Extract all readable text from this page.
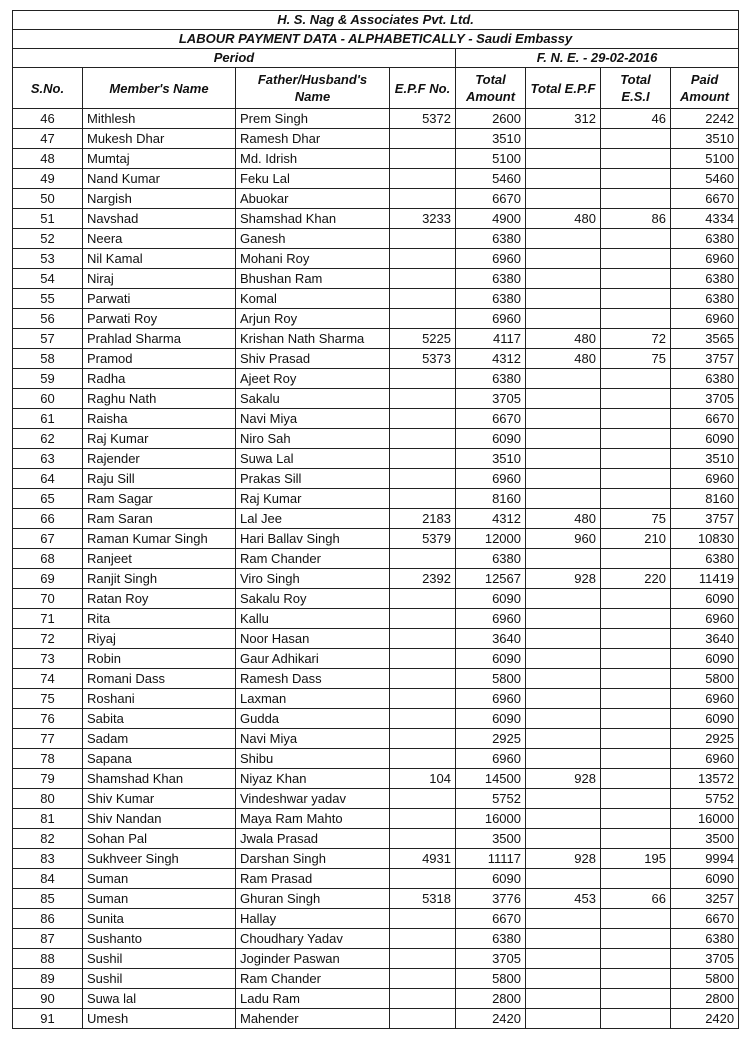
H. S. Nag & Associates Pvt. Ltd.							
LABOUR PAYMENT DATA - ALPHABETICALLY - Saudi Embassy							
Period				F. N. E. - 29-02-2016			
S.No.	Member's Name	Father/Husband's Name	E.P.F No.	Total Amount	Total E.P.F	Total E.S.I	Paid Amount
46	Mithlesh	Prem Singh	5372	2600	312	46	2242
47	Mukesh Dhar	Ramesh Dhar		3510			3510
48	Mumtaj	Md. Idrish		5100			5100
49	Nand Kumar	Feku Lal		5460			5460
50	Nargish	Abuokar		6670			6670
51	Navshad	Shamshad Khan	3233	4900	480	86	4334
52	Neera	Ganesh		6380			6380
53	Nil Kamal	Mohani Roy		6960			6960
54	Niraj	Bhushan Ram		6380			6380
55	Parwati	Komal		6380			6380
56	Parwati Roy	Arjun Roy		6960			6960
57	Prahlad Sharma	Krishan Nath Sharma	5225	4117	480	72	3565
58	Pramod	Shiv Prasad	5373	4312	480	75	3757
59	Radha	Ajeet Roy		6380			6380
60	Raghu Nath	Sakalu		3705			3705
61	Raisha	Navi Miya		6670			6670
62	Raj Kumar	Niro Sah		6090			6090
63	Rajender	Suwa Lal		3510			3510
64	Raju Sill	Prakas Sill		6960			6960
65	Ram Sagar	Raj Kumar		8160			8160
66	Ram Saran	Lal Jee	2183	4312	480	75	3757
67	Raman Kumar Singh	Hari Ballav Singh	5379	12000	960	210	10830
68	Ranjeet	Ram Chander		6380			6380
69	Ranjit Singh	Viro Singh	2392	12567	928	220	11419
70	Ratan Roy	Sakalu Roy		6090			6090
71	Rita	Kallu		6960			6960
72	Riyaj	Noor Hasan		3640			3640
73	Robin	Gaur Adhikari		6090			6090
74	Romani Dass	Ramesh Dass		5800			5800
75	Roshani	Laxman		6960			6960
76	Sabita	Gudda		6090			6090
77	Sadam	Navi Miya		2925			2925
78	Sapana	Shibu		6960			6960
79	Shamshad Khan	Niyaz Khan	104	14500	928		13572
80	Shiv Kumar	Vindeshwar yadav		5752			5752
81	Shiv Nandan	Maya Ram Mahto		16000			16000
82	Sohan Pal	Jwala Prasad		3500			3500
83	Sukhveer Singh	Darshan Singh	4931	11117	928	195	9994
84	Suman	Ram Prasad		6090			6090
85	Suman	Ghuran Singh	5318	3776	453	66	3257
86	Sunita	Hallay		6670			6670
87	Sushanto	Choudhary Yadav		6380			6380
88	Sushil	Joginder Paswan		3705			3705
89	Sushil	Ram Chander		5800			5800
90	Suwa lal	Ladu Ram		2800			2800
91	Umesh	Mahender		2420			2420
